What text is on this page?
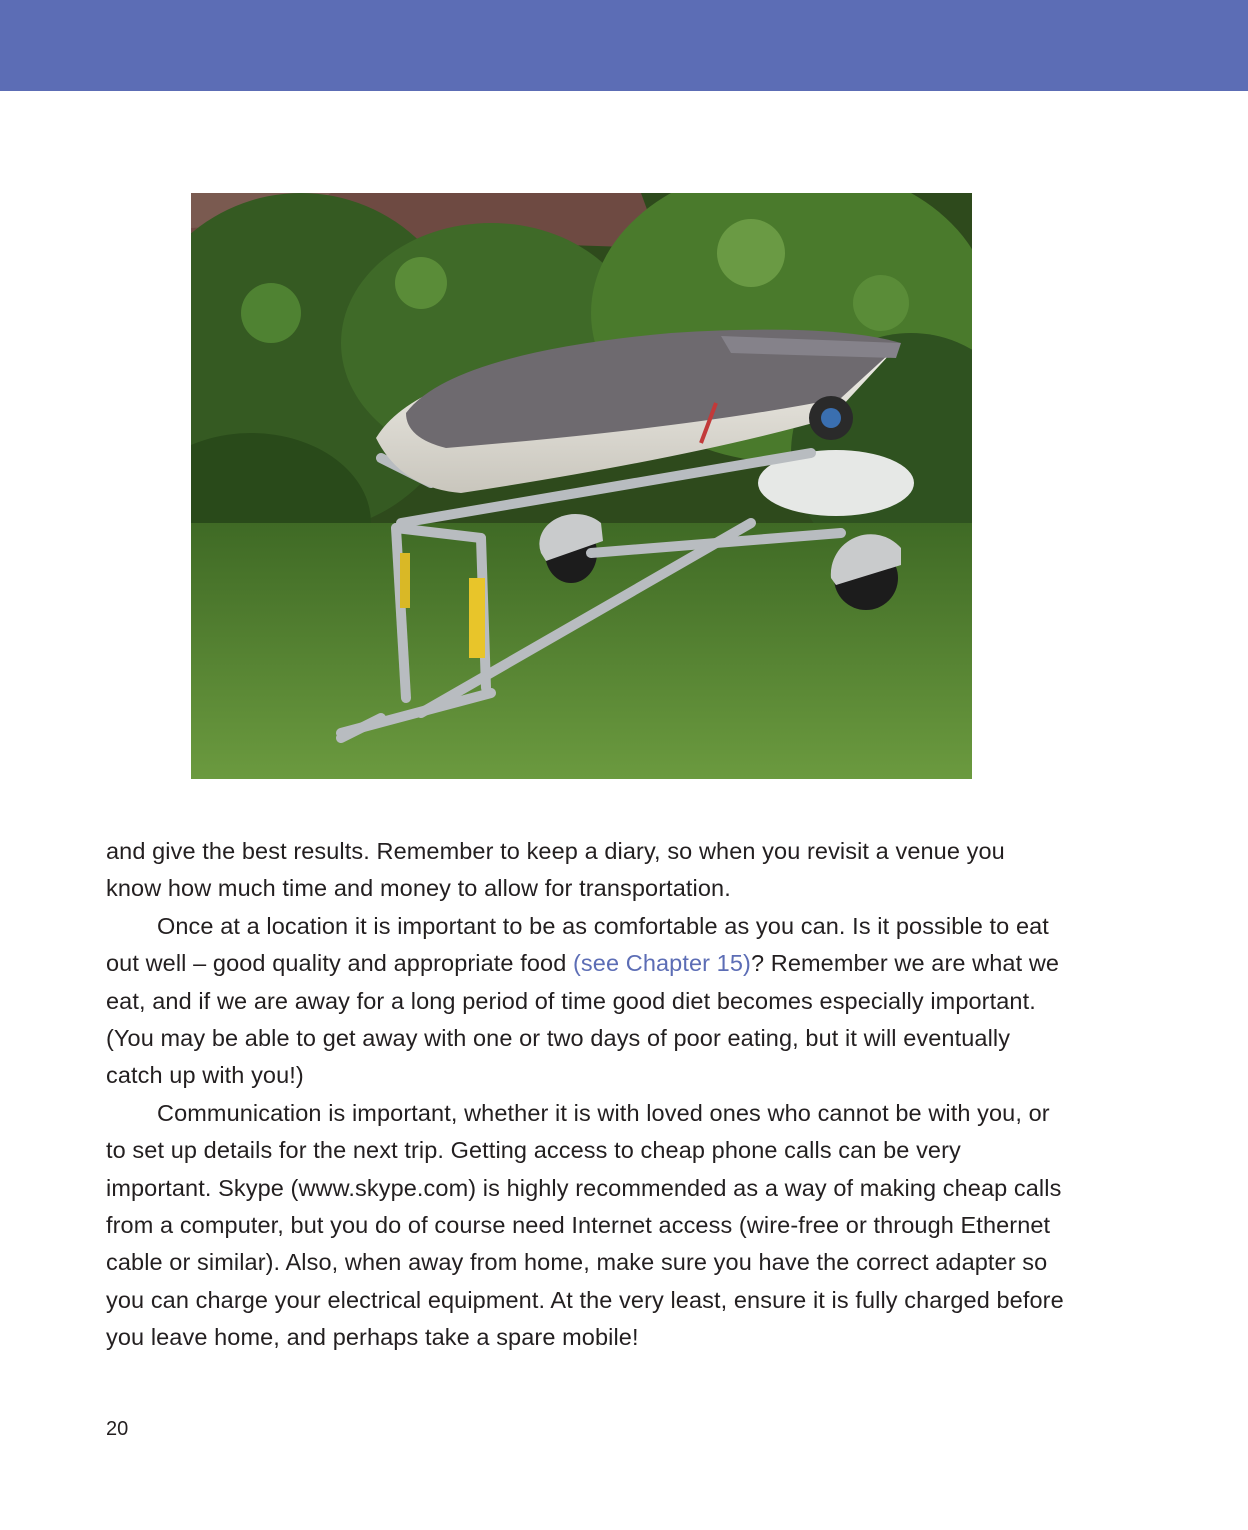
and give the best results. Remember to keep a diary, so when you revisit a venue you know how much time and money to allow for transportation.

Once at a location it is important to be as comfortable as you can. Is it possible to eat out well – good quality and appropriate food (see Chapter 15)? Remember we are what we eat, and if we are away for a long period of time good diet becomes especially important. (You may be able to get away with one or two days of poor eating, but it will eventually catch up with you!)

Communication is important, whether it is with loved ones who cannot be with you, or to set up details for the next trip. Getting access to cheap phone calls can be very important. Skype (www.skype.com) is highly recommended as a way of making cheap calls from a computer, but you do of course need Internet access (wire-free or through Ethernet cable or similar). Also, when away from home, make sure you have the correct adapter so you can charge your electrical equipment. At the very least, ensure it is fully charged before you leave home, and perhaps take a spare mobile!

20
